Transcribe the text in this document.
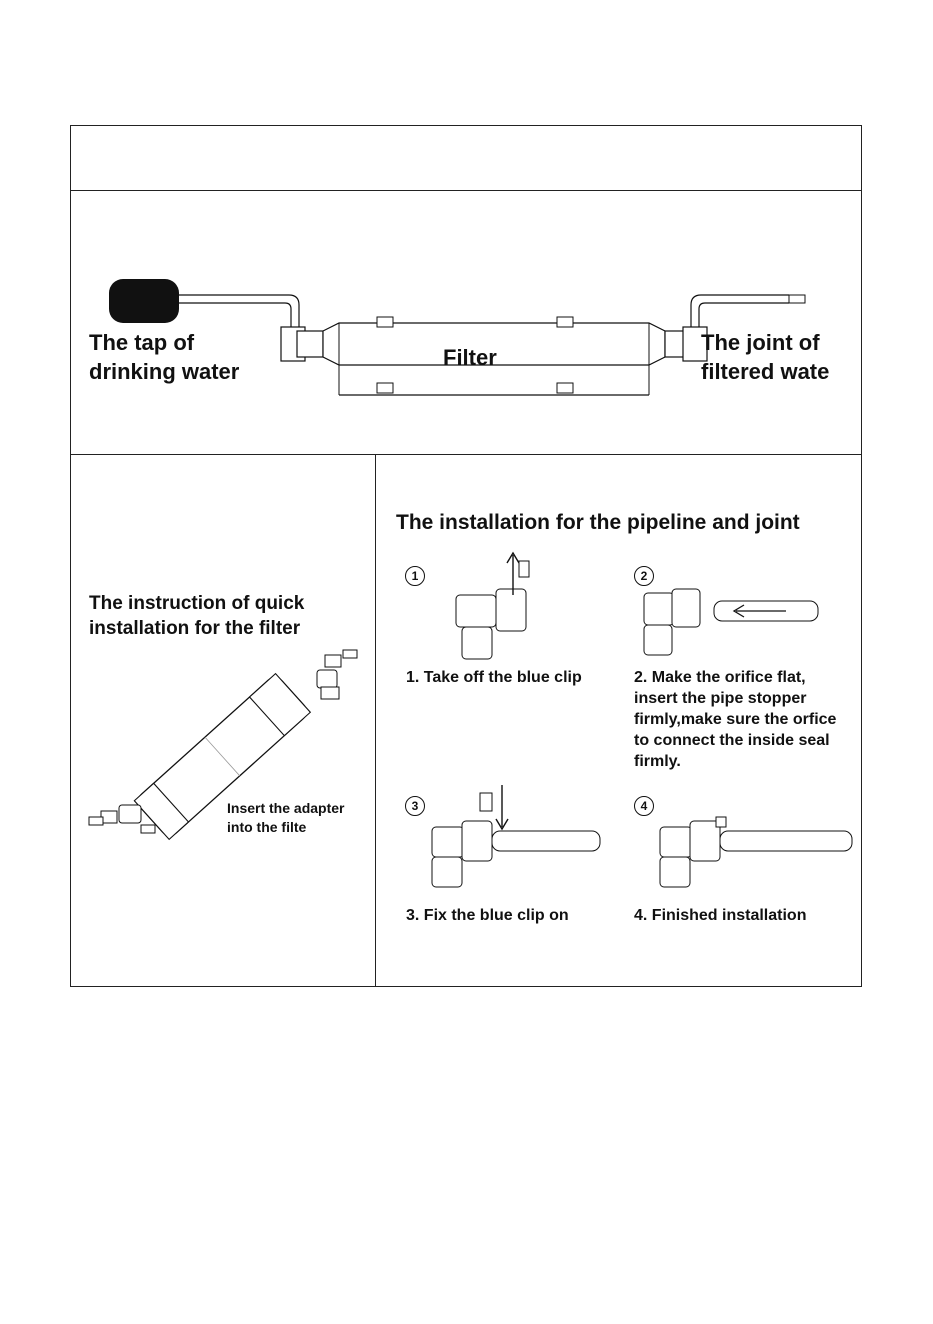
The tap of
drinking water
Filter
The joint of
filtered wate
The instruction of quick
installation for the filter
Insert the adapter
into the filte
The installation for the pipeline and joint
1
1. Take off the blue clip
2
2. Make the orifice flat,
insert the pipe stopper
firmly,make sure the orfice
to connect the inside seal
firmly.
3
3. Fix the blue clip on
4
4. Finished installation
